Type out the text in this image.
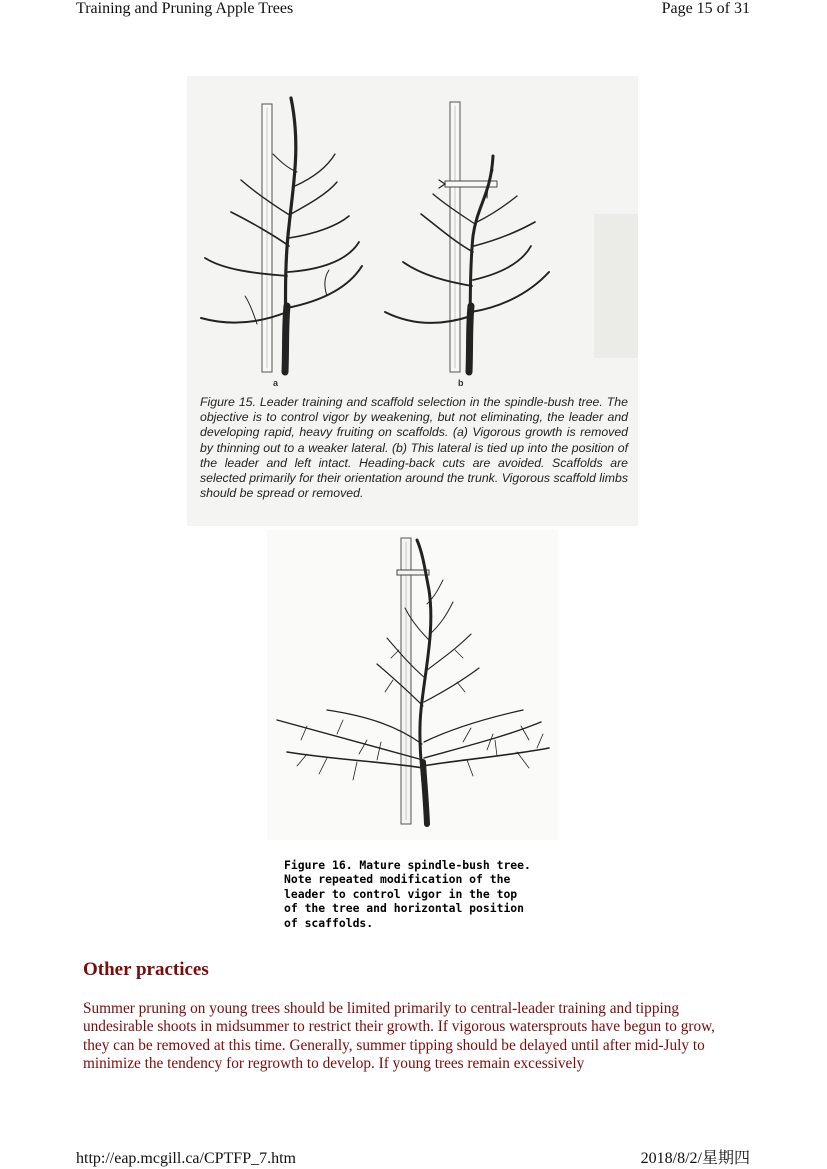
Training and Pruning Apple Trees	Page 15 of 31
a	b
Figure 15. Leader training and scaffold selection in the spindle-bush tree. The objective is to control vigor by weakening, but not eliminating, the leader and developing rapid, heavy fruiting on scaffolds. (a) Vigorous growth is removed by thinning out to a weaker lateral. (b) This lateral is tied up into the position of the leader and left intact. Heading-back cuts are avoided. Scaffolds are selected primarily for their orientation around the trunk. Vigorous scaffold limbs should be spread or removed.
Figure 16. Mature spindle-bush tree.
Note repeated modification of the
leader to control vigor in the top
of the tree and horizontal position
of scaffolds.
Other practices

Summer pruning on young trees should be limited primarily to central-leader training and tipping undesirable shoots in midsummer to restrict their growth. If vigorous watersprouts have begun to grow, they can be removed at this time. Generally, summer tipping should be delayed until after mid-July to minimize the tendency for regrowth to develop. If young trees remain excessively

http://eap.mcgill.ca/CPTFP_7.htm	2018/8/2/星期四
